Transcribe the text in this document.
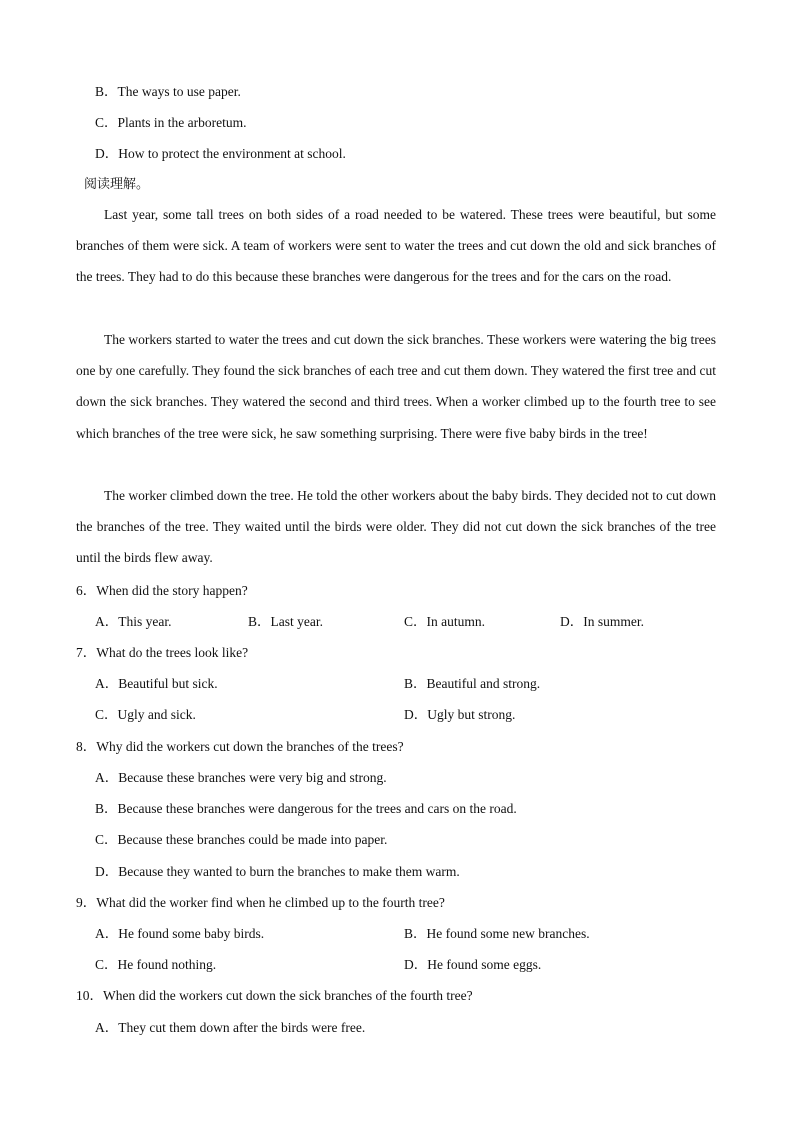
B．The ways to use paper.
C．Plants in the arboretum.
D．How to protect the environment at school.
阅读理解。
Last year, some tall trees on both sides of a road needed to be watered. These trees were beautiful, but some branches of them were sick. A team of workers were sent to water the trees and cut down the old and sick branches of the trees. They had to do this because these branches were dangerous for the trees and for the cars on the road.
The workers started to water the trees and cut down the sick branches. These workers were watering the big trees one by one carefully. They found the sick branches of each tree and cut them down. They watered the first tree and cut down the sick branches. They watered the second and third trees. When a worker climbed up to the fourth tree to see which branches of the tree were sick, he saw something surprising. There were five baby birds in the tree!
The worker climbed down the tree. He told the other workers about the baby birds. They decided not to cut down the branches of the tree. They waited until the birds were older. They did not cut down the sick branches of the tree until the birds flew away.
6．When did the story happen?
A．This year.	B．Last year.	C．In autumn.	D．In summer.
7．What do the trees look like?
A．Beautiful but sick.	B．Beautiful and strong.
C．Ugly and sick.	D．Ugly but strong.
8．Why did the workers cut down the branches of the trees?
A．Because these branches were very big and strong.
B．Because these branches were dangerous for the trees and cars on the road.
C．Because these branches could be made into paper.
D．Because they wanted to burn the branches to make them warm.
9．What did the worker find when he climbed up to the fourth tree?
A．He found some baby birds.	B．He found some new branches.
C．He found nothing.	D．He found some eggs.
10．When did the workers cut down the sick branches of the fourth tree?
A．They cut them down after the birds were free.
